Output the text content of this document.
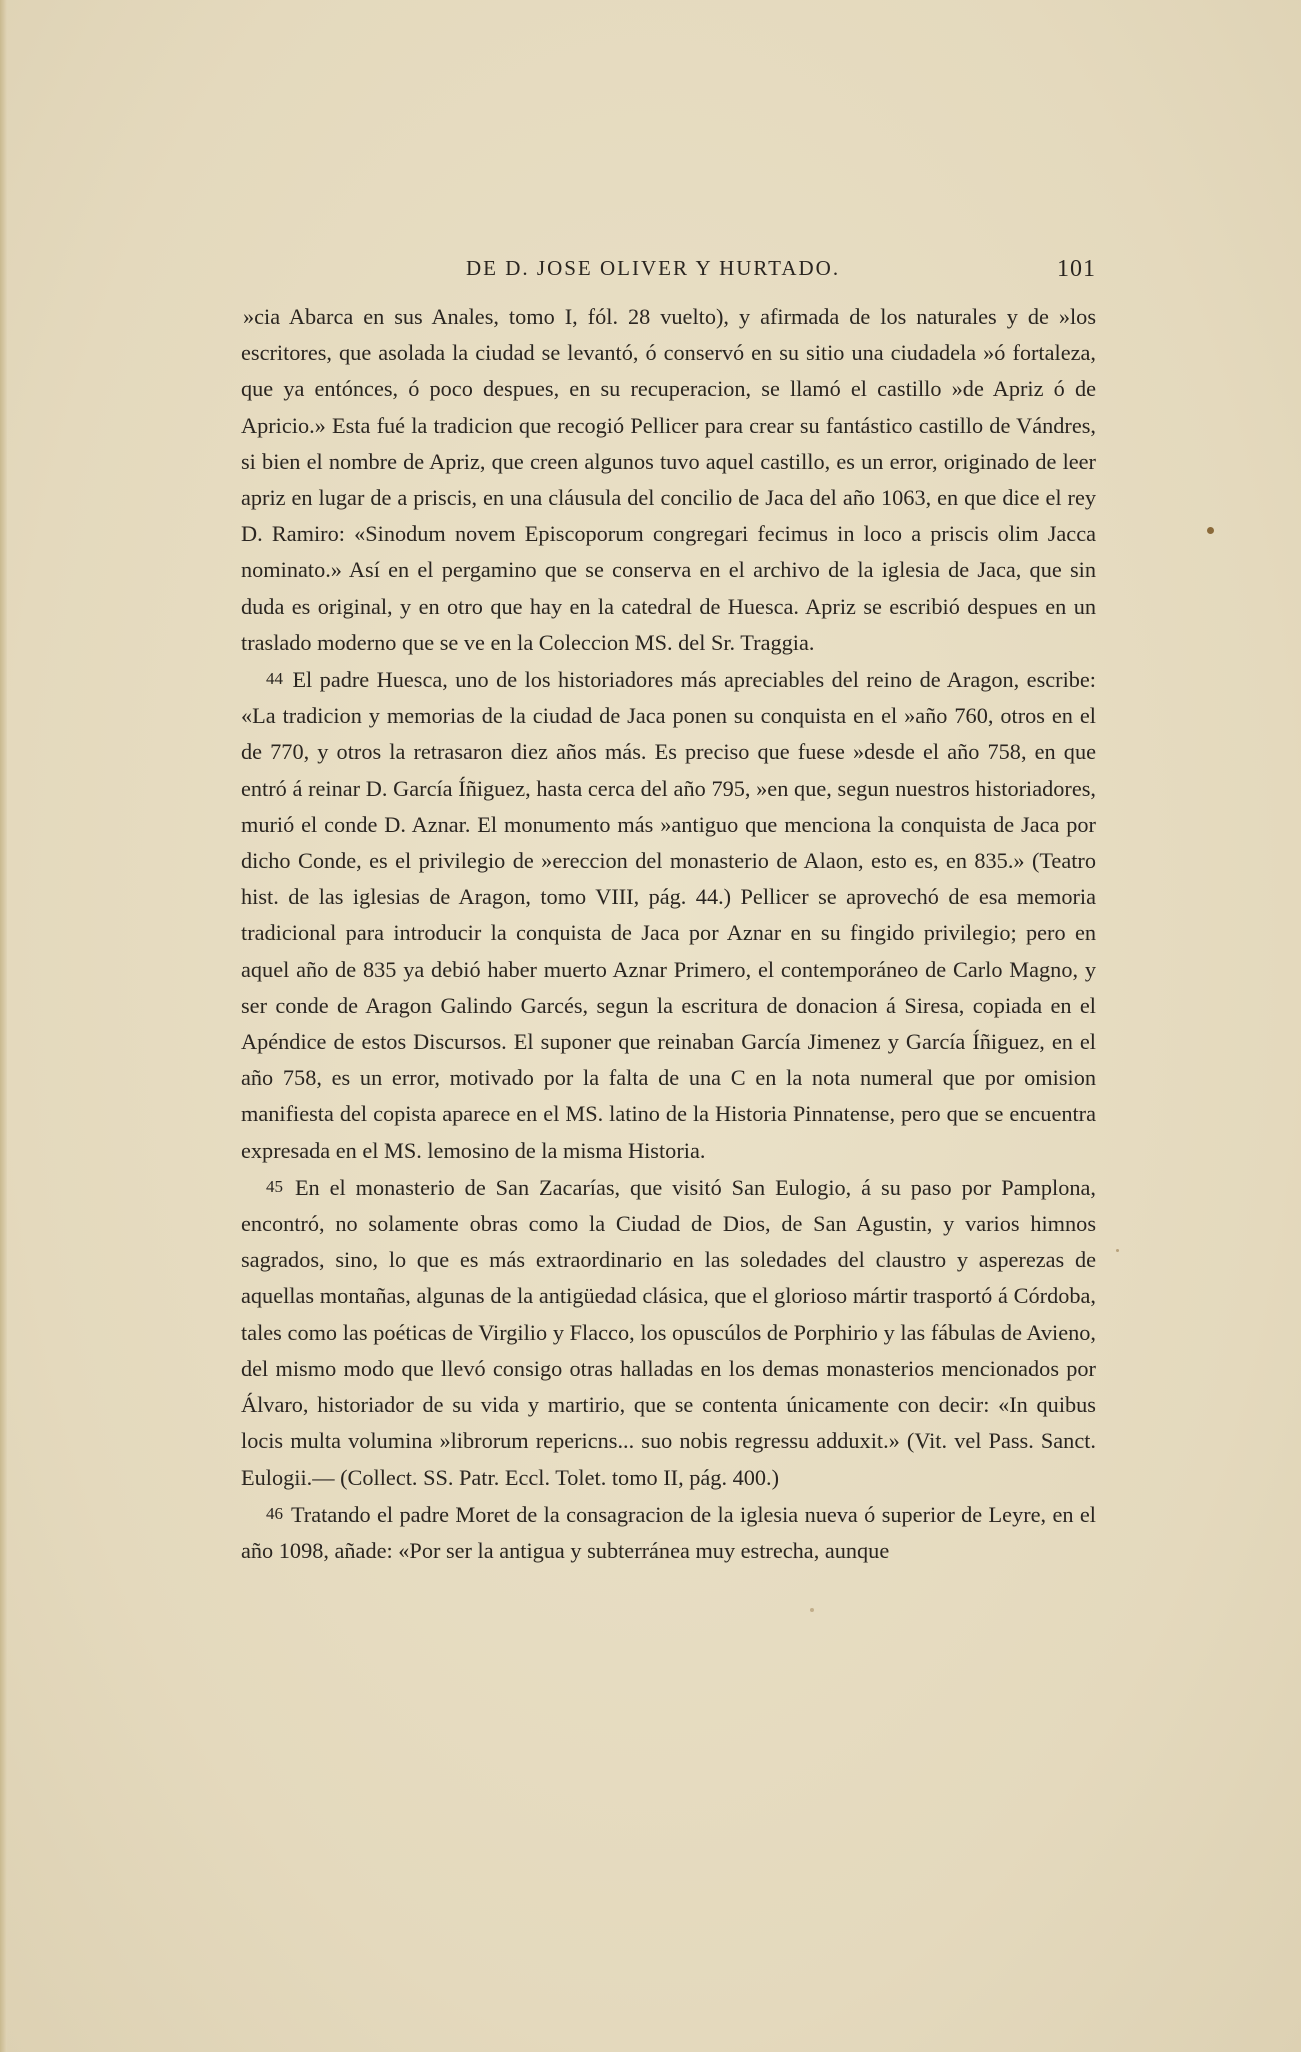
DE D. JOSE OLIVER Y HURTADO.	101

»cia Abarca en sus Anales, tomo I, fól. 28 vuelto), y afirmada de los naturales y de »los escritores, que asolada la ciudad se levantó, ó conservó en su sitio una ciudadela »ó fortaleza, que ya entónces, ó poco despues, en su recuperacion, se llamó el castillo »de Apriz ó de Apricio.» Esta fué la tradicion que recogió Pellicer para crear su fantástico castillo de Vándres, si bien el nombre de Apriz, que creen algunos tuvo aquel castillo, es un error, originado de leer apriz en lugar de a priscis, en una cláusula del concilio de Jaca del año 1063, en que dice el rey D. Ramiro: «Sinodum novem Episcoporum congregari fecimus in loco a priscis olim Jacca nominato.» Así en el pergamino que se conserva en el archivo de la iglesia de Jaca, que sin duda es original, y en otro que hay en la catedral de Huesca. Apriz se escribió despues en un traslado moderno que se ve en la Coleccion MS. del Sr. Traggia.

44 El padre Huesca, uno de los historiadores más apreciables del reino de Aragon, escribe: «La tradicion y memorias de la ciudad de Jaca ponen su conquista en el »año 760, otros en el de 770, y otros la retrasaron diez años más. Es preciso que fuese »desde el año 758, en que entró á reinar D. García Íñiguez, hasta cerca del año 795, »en que, segun nuestros historiadores, murió el conde D. Aznar. El monumento más »antiguo que menciona la conquista de Jaca por dicho Conde, es el privilegio de »ereccion del monasterio de Alaon, esto es, en 835.» (Teatro hist. de las iglesias de Aragon, tomo VIII, pág. 44.) Pellicer se aprovechó de esa memoria tradicional para introducir la conquista de Jaca por Aznar en su fingido privilegio; pero en aquel año de 835 ya debió haber muerto Aznar Primero, el contemporáneo de Carlo Magno, y ser conde de Aragon Galindo Garcés, segun la escritura de donacion á Siresa, copiada en el Apéndice de estos Discursos. El suponer que reinaban García Jimenez y García Íñiguez, en el año 758, es un error, motivado por la falta de una C en la nota numeral que por omision manifiesta del copista aparece en el MS. latino de la Historia Pinnatense, pero que se encuentra expresada en el MS. lemosino de la misma Historia.

45 En el monasterio de San Zacarías, que visitó San Eulogio, á su paso por Pamplona, encontró, no solamente obras como la Ciudad de Dios, de San Agustin, y varios himnos sagrados, sino, lo que es más extraordinario en las soledades del claustro y asperezas de aquellas montañas, algunas de la antigüedad clásica, que el glorioso mártir trasportó á Córdoba, tales como las poéticas de Virgilio y Flacco, los opuscúlos de Porphirio y las fábulas de Avieno, del mismo modo que llevó consigo otras halladas en los demas monasterios mencionados por Álvaro, historiador de su vida y martirio, que se contenta únicamente con decir: «In quibus locis multa volumina »librorum repericns... suo nobis regressu adduxit.» (Vit. vel Pass. Sanct. Eulogii.— (Collect. SS. Patr. Eccl. Tolet. tomo II, pág. 400.)

46 Tratando el padre Moret de la consagracion de la iglesia nueva ó superior de Leyre, en el año 1098, añade: «Por ser la antigua y subterránea muy estrecha, aunque
